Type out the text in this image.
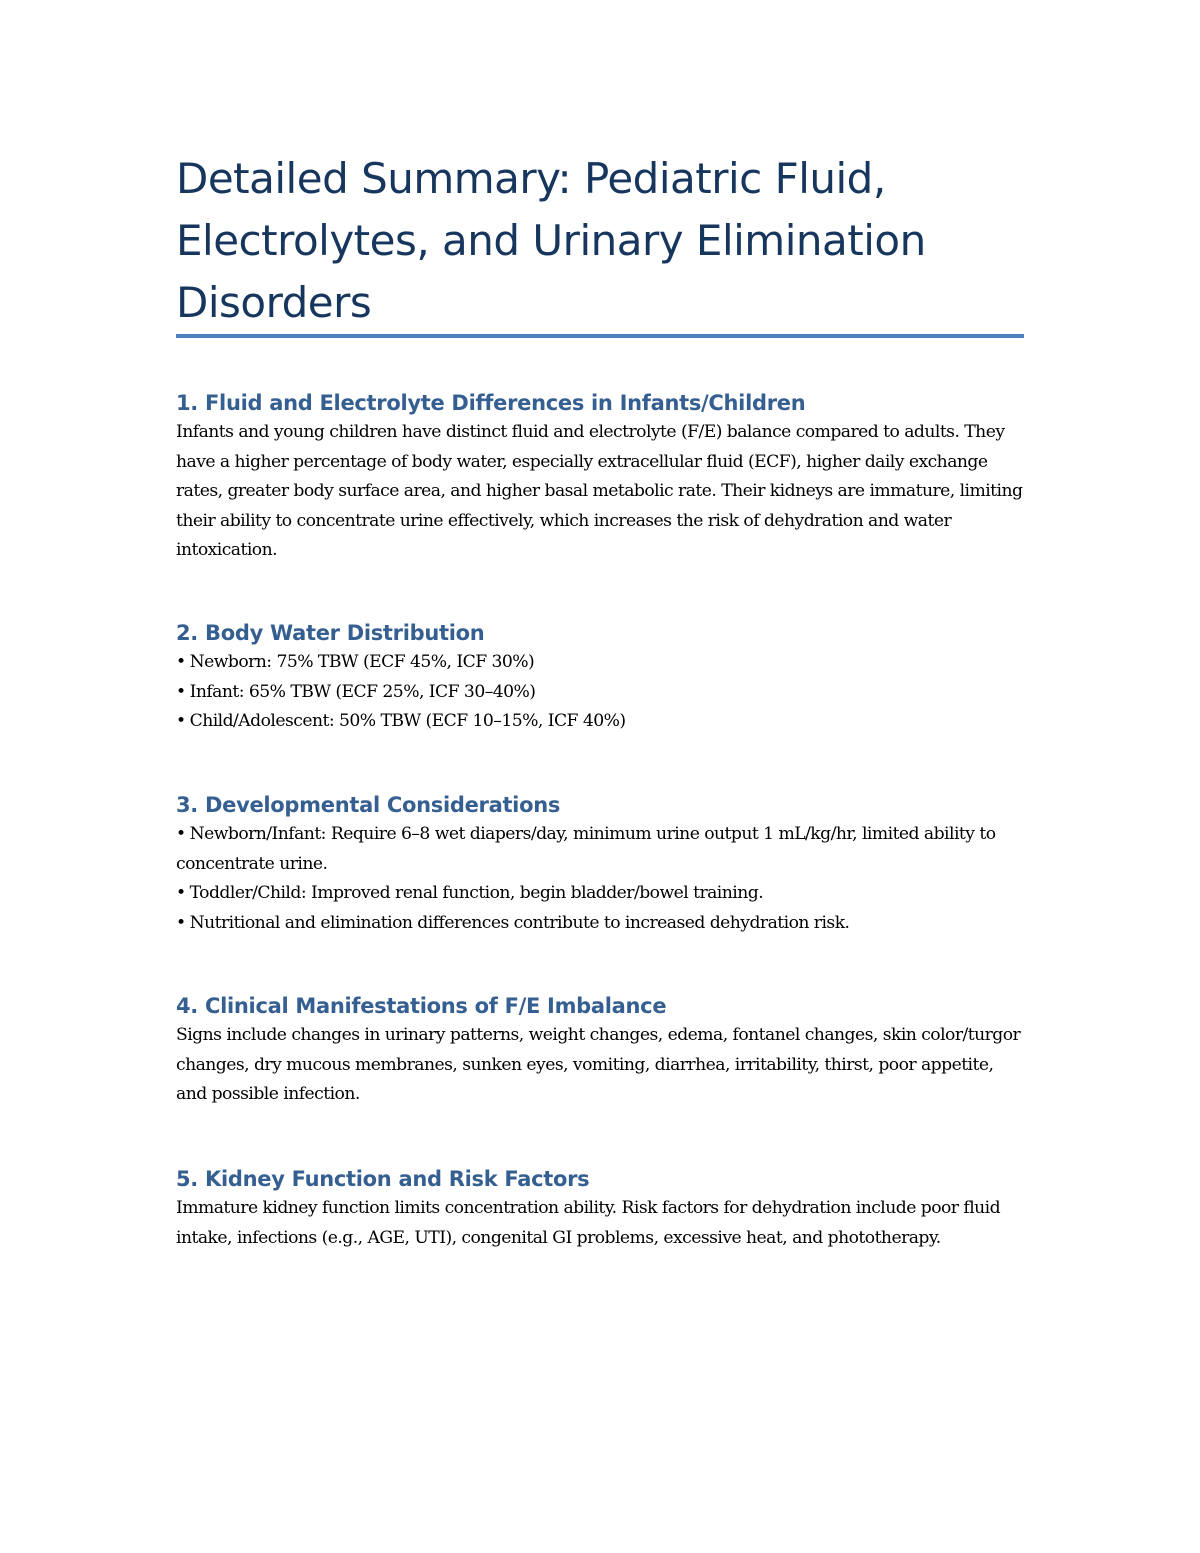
Detailed Summary: Pediatric Fluid, Electrolytes, and Urinary Elimination Disorders
1. Fluid and Electrolyte Differences in Infants/Children

Infants and young children have distinct fluid and electrolyte (F/E) balance compared to adults. They have a higher percentage of body water, especially extracellular fluid (ECF), higher daily exchange rates, greater body surface area, and higher basal metabolic rate. Their kidneys are immature, limiting their ability to concentrate urine effectively, which increases the risk of dehydration and water intoxication.

2. Body Water Distribution

• Newborn: 75% TBW (ECF 45%, ICF 30%)

• Infant: 65% TBW (ECF 25%, ICF 30–40%)

• Child/Adolescent: 50% TBW (ECF 10–15%, ICF 40%)

3. Developmental Considerations

• Newborn/Infant: Require 6–8 wet diapers/day, minimum urine output 1 mL/kg/hr, limited ability to concentrate urine.

• Toddler/Child: Improved renal function, begin bladder/bowel training.

• Nutritional and elimination differences contribute to increased dehydration risk.

4. Clinical Manifestations of F/E Imbalance

Signs include changes in urinary patterns, weight changes, edema, fontanel changes, skin color/turgor changes, dry mucous membranes, sunken eyes, vomiting, diarrhea, irritability, thirst, poor appetite, and possible infection.

5. Kidney Function and Risk Factors

Immature kidney function limits concentration ability. Risk factors for dehydration include poor fluid intake, infections (e.g., AGE, UTI), congenital GI problems, excessive heat, and phototherapy.
